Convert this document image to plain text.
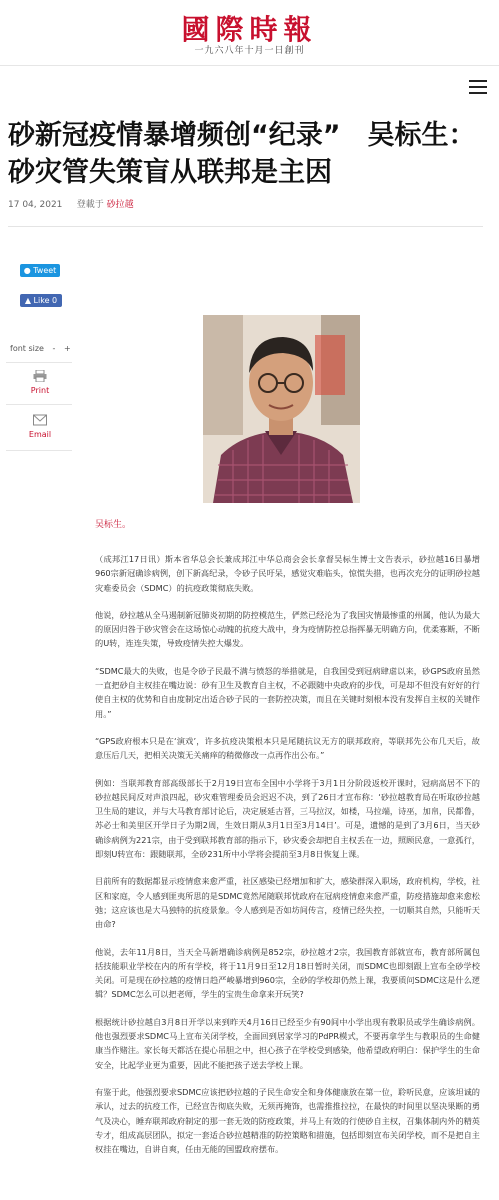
國際時報
一九六八年十月一日創刊
砂新冠疫情暴增频创“纪录”　吴标生：
砂灾管失策盲从联邦是主因
17 04, 2021 登載于 砂拉越
● Tweet
▲ Like 0
font size - +
Print
Email
吴标生。

（成邦江17日讯）斯本省华总会长兼成邦江中华总商会会长拿督吴标生博士文告表示，砂拉越16日暴增960宗新冠确诊病例，创下新高纪录，令砂子民吁呆，感觉灾难临头，惊慌失措，也再次充分的证明砂拉越灾难委员会（SDMC）的抗疫政策彻底失败。

他说，砂拉越从全马遏制新冠肺炎初期的防控模范生，俨然已经沦为了我国灾情最惨重的州属，他认为最大的原因归咎于砂灾管会在这场惊心动魄的抗疫大战中，身为疫情防控总指挥暴无明确方向，优柔寡断，不断的U转，连连失策，导致疫情失控大爆发。

“SDMC最大的失败，也是令砂子民最不满与愤怒的举措就是，自我国受到冠病肆虐以来，砂GPS政府虽然一直把砂自主权挂在嘴边说：砂有卫生及教育自主权，不必跟随中央政府的步伐，可是却不但没有好好的行使自主权的优势和自由度制定出适合砂子民的一套防控决策，而且在关键时刻根本没有发挥自主权的关键作用。”

“GPS政府根本只是在‘演戏’，许多抗疫决策根本只是尾随抗议无方的联邦政府，等联邦先公布几天后，故意压后几天，把相关决策无关痛痒的稍微修改一点再作出公布。”

例如：当联邦教育部高级部长于2月19日宣布全国中小学将于3月1日分阶段返校开课时，冠病高居不下的砂拉越民间反对声浪四起，砂灾难管理委员会迟迟不决，到了26日才宣布称：‘砂拉越教育局在听取砂拉越卫生局的建议，并与大马教育部讨论后，决定展延古晋，三马拉汉，如楼，马拉端，诗巫，加帛，民都鲁，苏必士和美里区开学日子为期2周，生效日期从3月1日至3月14日’。可是，遗憾的是到了3月6日，当天砂确诊病例为221宗，由于受到联邦教育部的指示下，砂灾委会却把自主权丢在一边，照顾民意，一意孤行，即刻U转宣布：跟随联邦，全砂231所中小学将会提前至3月8日恢复上课。

目前所有的数据都显示疫情愈来愈严重，社区感染已经增加和扩大，感染群深入职场，政府机构，学校，社区和家庭，令人感到匪夷所思的是SDMC竟然尾随联邦忧政府在冠病疫情愈来愈严重，防疫措施却愈来愈松弛；这应该也是大马独特的抗疫景象。令人感到是否如坊间传言，疫情已经失控，一切顺其自然，只能听天由命?

他说，去年11月8日，当天全马新增确诊病例是852宗，砂拉越才2宗，我国教育部就宣布，教育部所属包括技能职业学校在内的所有学校，将于11月9日至12月18日暂时关闭，而SDMC也即刻跟上宣布全砂学校关闭。可是现在砂拉越的疫情日趋严峻暴增到960宗，全砂的学校却仍然上课，我要质问SDMC这是什么逻辑？SDMC怎么可以把老师，学生的宝贵生命拿来开玩笑?

根据统计砂拉越自3月8日开学以来到昨天4月16日已经至少有90间中小学出现有教职员或学生确诊病例。他也强烈要求SDMC马上宣布关闭学校，全面回到居家学习的PdPR模式，不要再拿学生与教职员的生命健康当作赌注。家长每天都活在提心吊胆之中，担心孩子在学校受到感染，他希望政府明白：保护学生的生命安全，比起学业更为重要，因此不能把孩子送去学校上课。

有鉴于此，他强烈要求SDMC应该把砂拉越的子民生命安全和身体健康放在第一位，聆听民意，应该坦诚的承认，过去的抗疫工作，已经宣告彻底失败，无须再掩饰，也需推推拉拉，在最快的时间里以坚决果断的勇气及决心，睡弃联邦政府制定的那一套无效的防疫政策，并马上有效的行使砂自主权，召集体制内外的精英专才，组成高层团队，拟定一套适合砂拉越精准的防控策略和措施，包括即刻宣布关闭学校，而不是把自主权挂在嘴边，自讲自爽，任由无能的国盟政府摆布。
